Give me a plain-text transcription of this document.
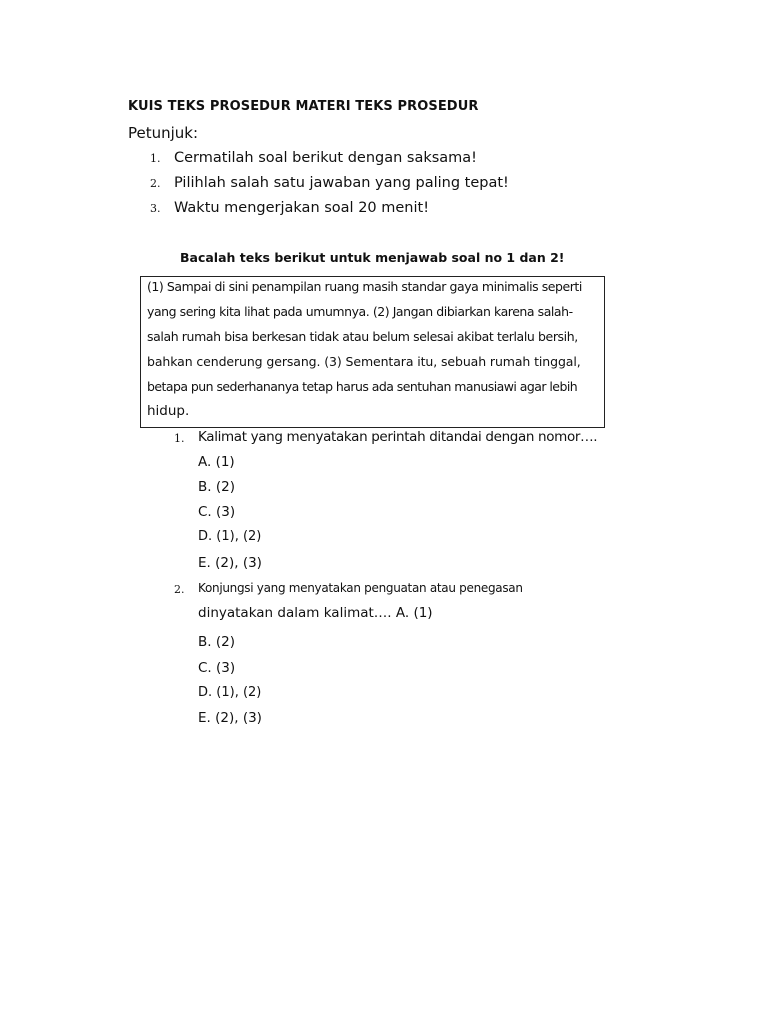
KUIS TEKS PROSEDUR MATERI TEKS PROSEDUR
Petunjuk:
1. Cermatilah soal berikut dengan saksama!
2. Pilihlah salah satu jawaban yang paling tepat!
3. Waktu mengerjakan soal 20 menit!
Bacalah teks berikut untuk menjawab soal no 1 dan 2!
(1) Sampai di sini penampilan ruang masih standar gaya minimalis seperti
yang sering kita lihat pada umumnya. (2) Jangan dibiarkan karena salah-
salah rumah bisa berkesan tidak atau belum selesai akibat terlalu bersih,
bahkan cenderung gersang. (3) Sementara itu, sebuah rumah tinggal,
betapa pun sederhananya tetap harus ada sentuhan manusiawi agar lebih
hidup.
1. Kalimat yang menyatakan perintah ditandai dengan nomor….
A. (1)
B. (2)
C. (3)
D. (1), (2)
E. (2), (3)
2. Konjungsi yang menyatakan penguatan atau penegasan
dinyatakan dalam kalimat…. A. (1)
B. (2)
C. (3)
D. (1), (2)
E. (2), (3)
